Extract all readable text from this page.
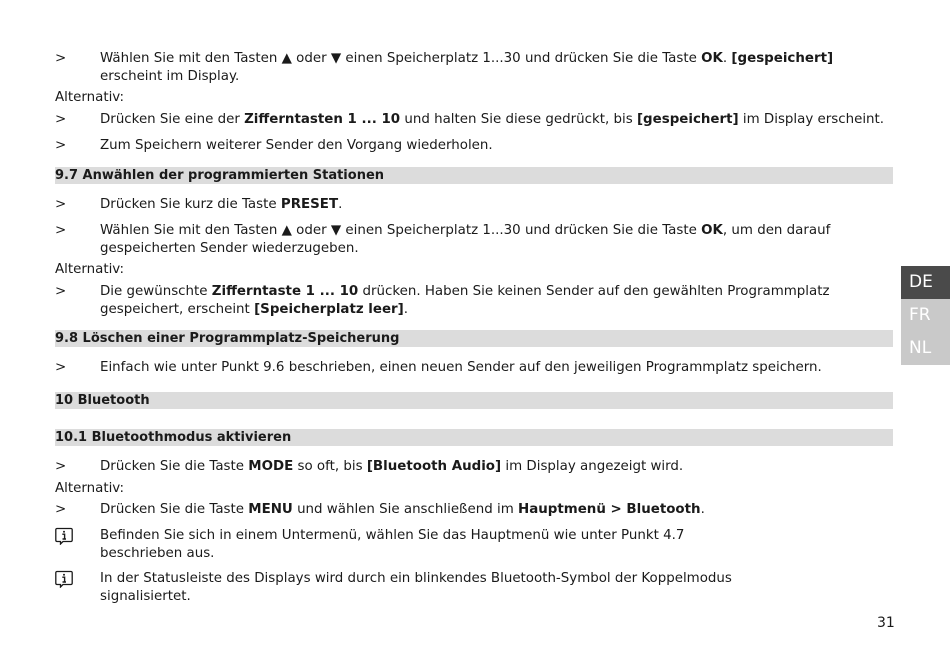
>	Wählen Sie mit den Tasten ▲ oder ▼ einen Speicherplatz 1...30 und drücken Sie die Taste OK. [gespeichert] erscheint im Display.
Alternativ:
>	Drücken Sie eine der Zifferntasten 1 ... 10 und halten Sie diese gedrückt, bis [gespeichert] im Display erscheint.
>	Zum Speichern weiterer Sender den Vorgang wiederholen.
9.7 Anwählen der programmierten Stationen
>	Drücken Sie kurz die Taste PRESET.
>	Wählen Sie mit den Tasten ▲ oder ▼ einen Speicherplatz 1...30 und drücken Sie die Taste OK, um den darauf gespeicherten Sender wiederzugeben.
Alternativ:
>	Die gewünschte Zifferntaste 1 ... 10 drücken. Haben Sie keinen Sender auf den gewählten Programmplatz gespeichert, erscheint [Speicherplatz leer].
9.8 Löschen einer Programmplatz-Speicherung
>	Einfach wie unter Punkt 9.6 beschrieben, einen neuen Sender auf den jeweiligen Programmplatz speichern.
10 Bluetooth
10.1 Bluetoothmodus aktivieren
>	Drücken Sie die Taste MODE so oft, bis [Bluetooth Audio] im Display angezeigt wird.
Alternativ:
>	Drücken Sie die Taste MENU und wählen Sie anschließend im Hauptmenü > Bluetooth.
Befinden Sie sich in einem Untermenü, wählen Sie das Hauptmenü wie unter Punkt 4.7 beschrieben aus.
In der Statusleiste des Displays wird durch ein blinkendes Bluetooth-Symbol der Koppelmodus signalisiertet.
DE
FR
NL
31
